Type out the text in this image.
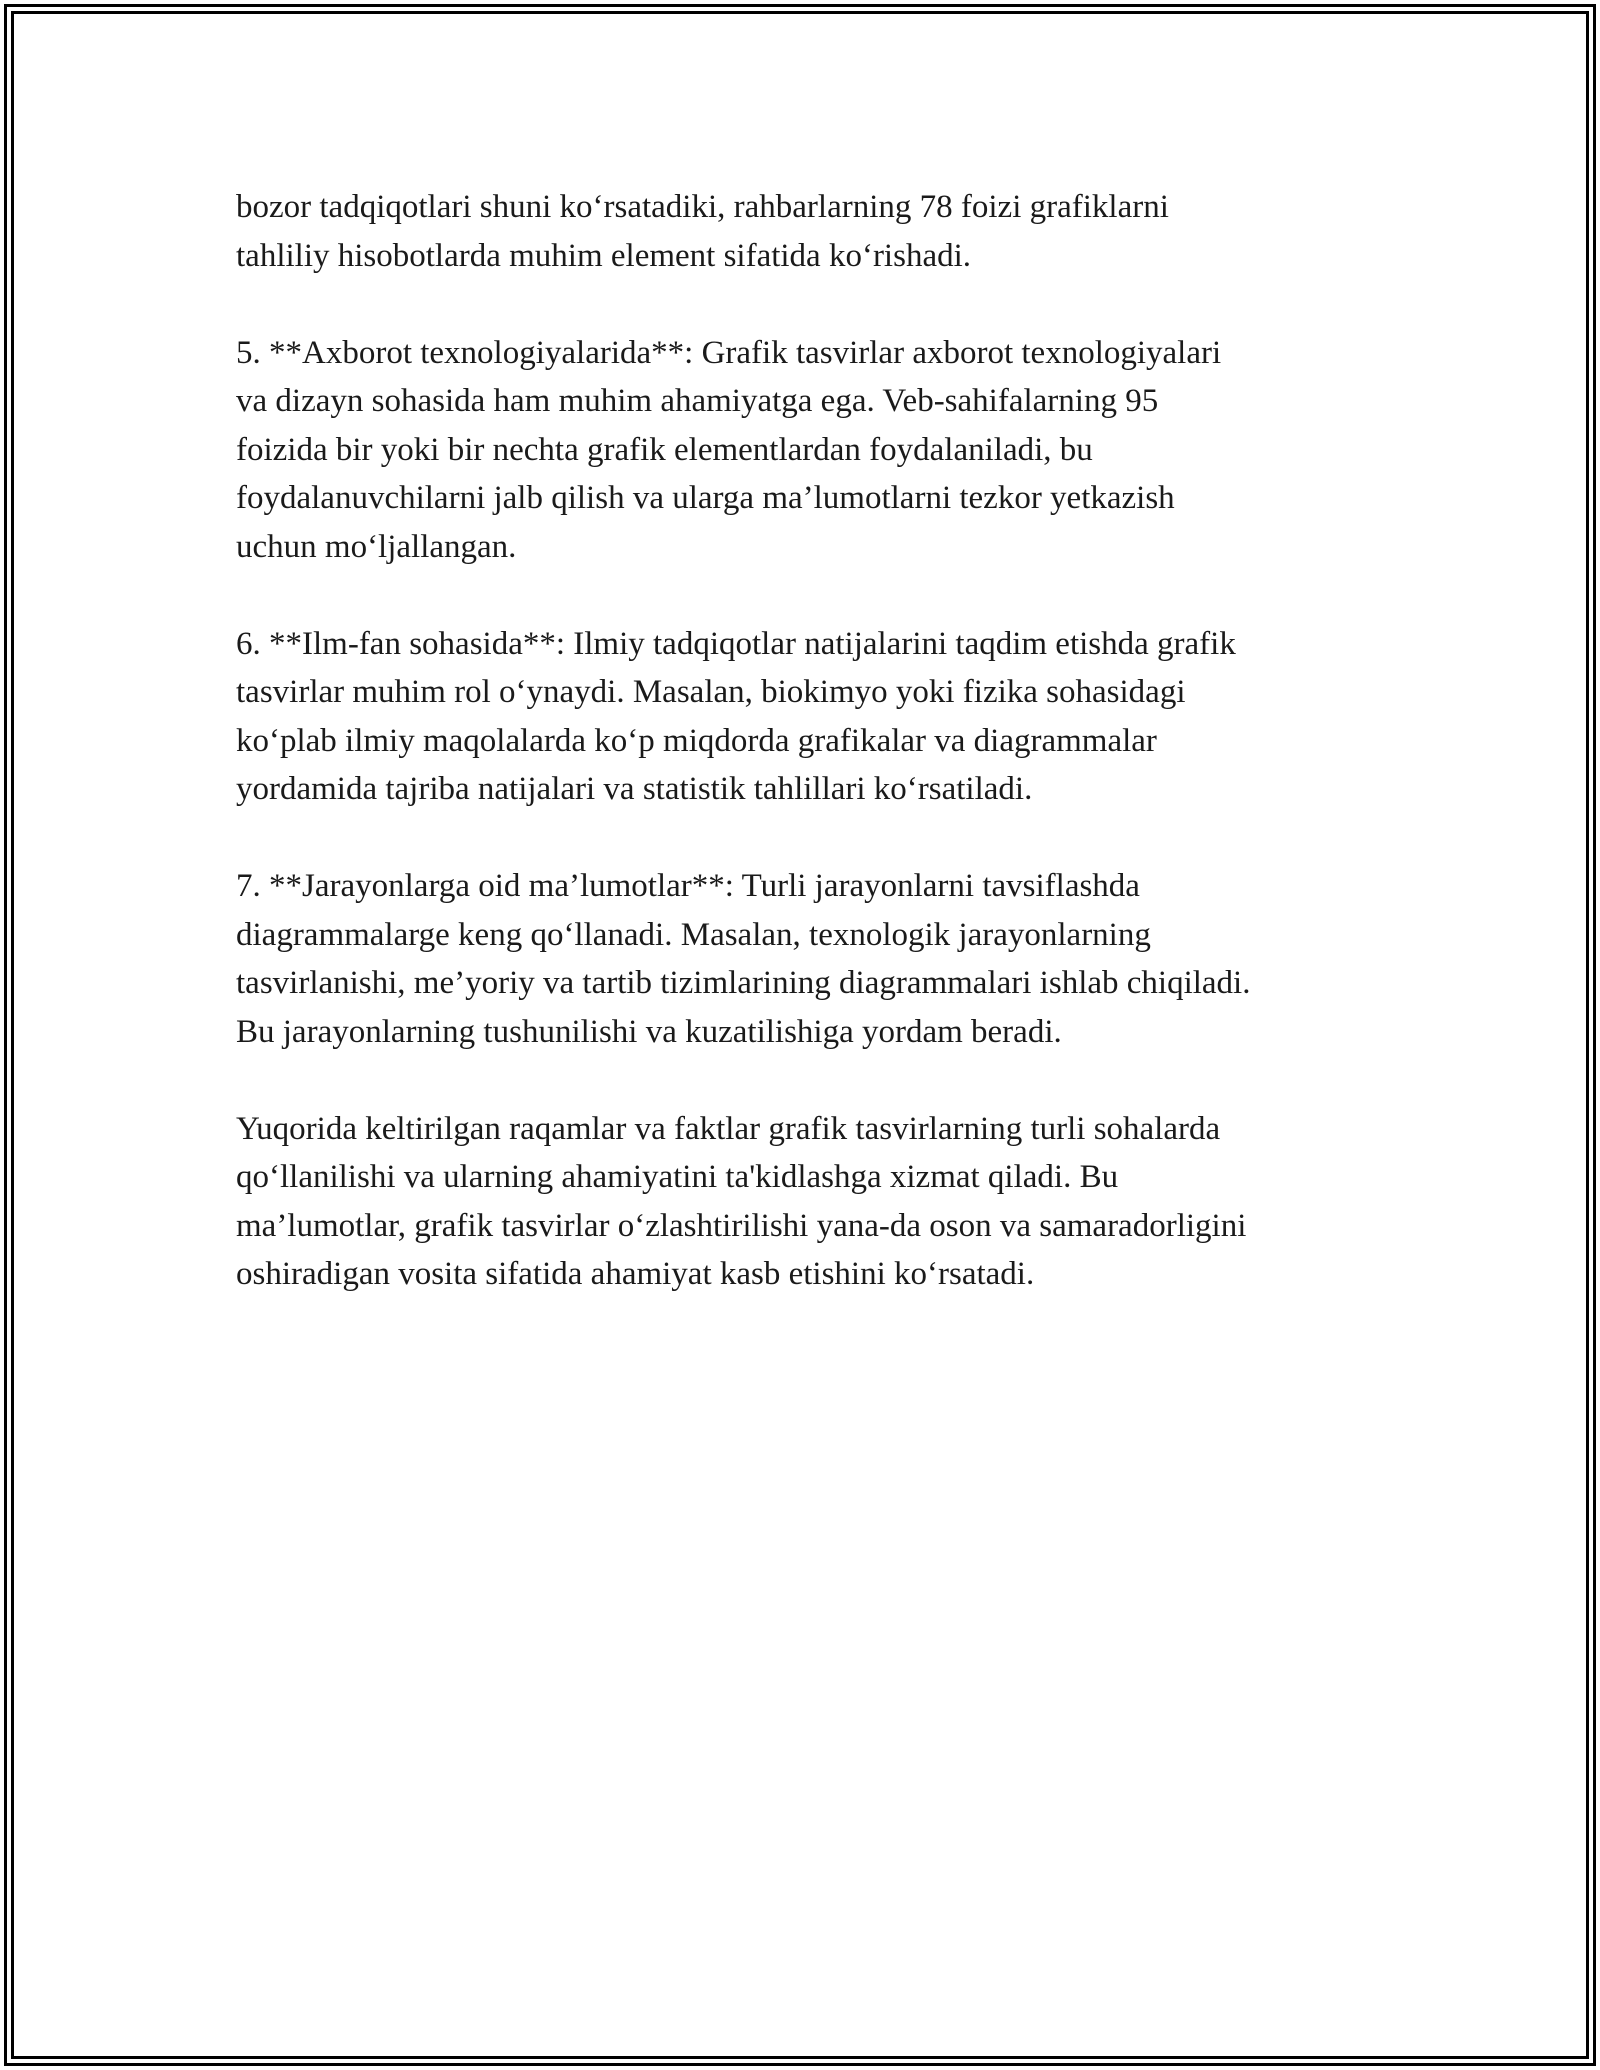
bozor tadqiqotlari shuni ko‘rsatadiki, rahbarlarning 78 foizi grafiklarni
tahliliy hisobotlarda muhim element sifatida ko‘rishadi.

5. **Axborot texnologiyalarida**: Grafik tasvirlar axborot texnologiyalari
va dizayn sohasida ham muhim ahamiyatga ega. Veb-sahifalarning 95
foizida bir yoki bir nechta grafik elementlardan foydalaniladi, bu
foydalanuvchilarni jalb qilish va ularga ma’lumotlarni tezkor yetkazish
uchun mo‘ljallangan.

6. **Ilm-fan sohasida**: Ilmiy tadqiqotlar natijalarini taqdim etishda grafik
tasvirlar muhim rol o‘ynaydi. Masalan, biokimyo yoki fizika sohasidagi
ko‘plab ilmiy maqolalarda ko‘p miqdorda grafikalar va diagrammalar
yordamida tajriba natijalari va statistik tahlillari ko‘rsatiladi.

7. **Jarayonlarga oid ma’lumotlar**: Turli jarayonlarni tavsiflashda
diagrammalarge keng qo‘llanadi. Masalan, texnologik jarayonlarning
tasvirlanishi, me’yoriy va tartib tizimlarining diagrammalari ishlab chiqiladi.
Bu jarayonlarning tushunilishi va kuzatilishiga yordam beradi.

Yuqorida keltirilgan raqamlar va faktlar grafik tasvirlarning turli sohalarda
qo‘llanilishi va ularning ahamiyatini ta'kidlashga xizmat qiladi. Bu
ma’lumotlar, grafik tasvirlar o‘zlashtirilishi yana-da oson va samaradorligini
oshiradigan vosita sifatida ahamiyat kasb etishini ko‘rsatadi.
